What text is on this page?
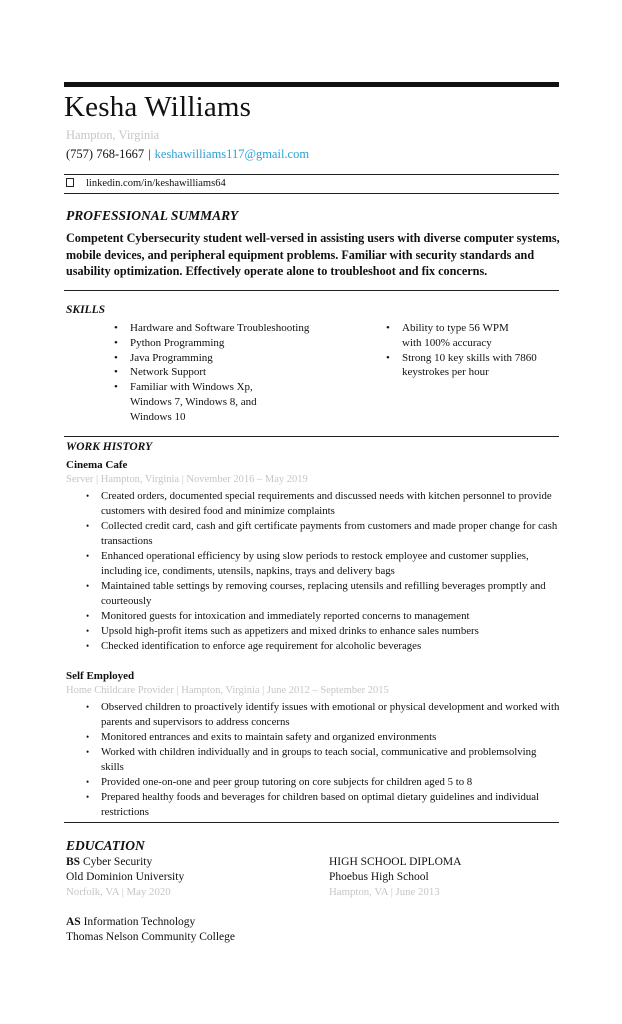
Kesha Williams
Hampton, Virginia
(757) 768-1667 | keshawilliams117@gmail.com
linkedin.com/in/keshawilliams64
PROFESSIONAL SUMMARY
Competent Cybersecurity student well-versed in assisting users with diverse computer systems, mobile devices, and peripheral equipment problems. Familiar with security standards and usability optimization. Effectively operate alone to troubleshoot and fix concerns.
SKILLS
• Hardware and Software Troubleshooting
• Python Programming
• Java Programming
• Network Support
• Familiar with Windows Xp, Windows 7, Windows 8, and Windows 10
• Ability to type 56 WPM with 100% accuracy
• Strong 10 key skills with 7860 keystrokes per hour
WORK HISTORY
Cinema Cafe
Server | Hampton, Virginia | November 2016 – May 2019
• Created orders, documented special requirements and discussed needs with kitchen personnel to provide customers with desired food and minimize complaints
• Collected credit card, cash and gift certificate payments from customers and made proper change for cash transactions
• Enhanced operational efficiency by using slow periods to restock employee and customer supplies, including ice, condiments, utensils, napkins, trays and delivery bags
• Maintained table settings by removing courses, replacing utensils and refilling beverages promptly and courteously
• Monitored guests for intoxication and immediately reported concerns to management
• Upsold high-profit items such as appetizers and mixed drinks to enhance sales numbers
• Checked identification to enforce age requirement for alcoholic beverages
Self Employed
Home Childcare Provider | Hampton, Virginia | June 2012 – September 2015
• Observed children to proactively identify issues with emotional or physical development and worked with parents and supervisors to address concerns
• Monitored entrances and exits to maintain safety and organized environments
• Worked with children individually and in groups to teach social, communicative and problemsolving skills
• Provided one-on-one and peer group tutoring on core subjects for children aged 5 to 8
• Prepared healthy foods and beverages for children based on optimal dietary guidelines and individual restrictions
EDUCATION
BS Cyber Security
Old Dominion University
Norfolk, VA | May 2020
HIGH SCHOOL DIPLOMA
Phoebus High School
Hampton, VA | June 2013
AS Information Technology
Thomas Nelson Community College
